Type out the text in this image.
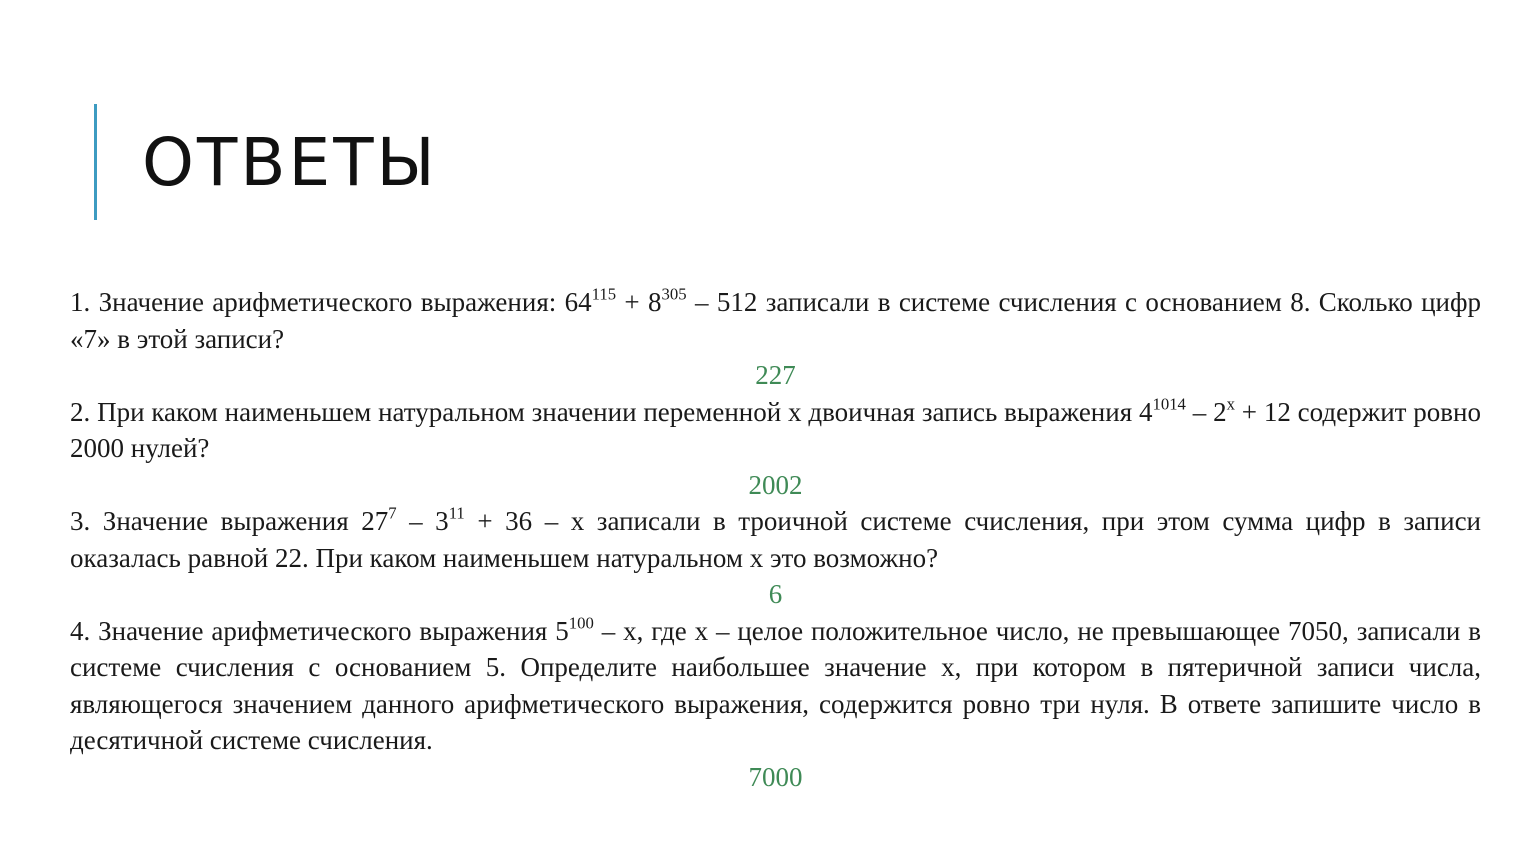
ОТВЕТЫ

1. Значение арифметического выражения: $64^{115} + 8^{305} - 512$ записали в системе счисления с основанием 8. Сколько цифр «7» в этой записи?

227

2. При каком наименьшем натуральном значении переменной х двоичная запись выражения $4^{1014} - 2^x + 12$ содержит ровно 2000 нулей?

2002

3. Значение выражения $27^7 - 3^{11} + 36 - x$ записали в троичной системе счисления, при этом сумма цифр в записи оказалась равной 22. При каком наименьшем натуральном x это возможно?

6

4. Значение арифметического выражения $5^{100}$ – x, где x – целое положительное число, не превышающее 7050, записали в системе счисления с основанием 5. Определите наибольшее значение x, при котором в пятеричной записи числа, являющегося значением данного арифметического выражения, содержится ровно три нуля. В ответе запишите число в десятичной системе счисления.

7000
